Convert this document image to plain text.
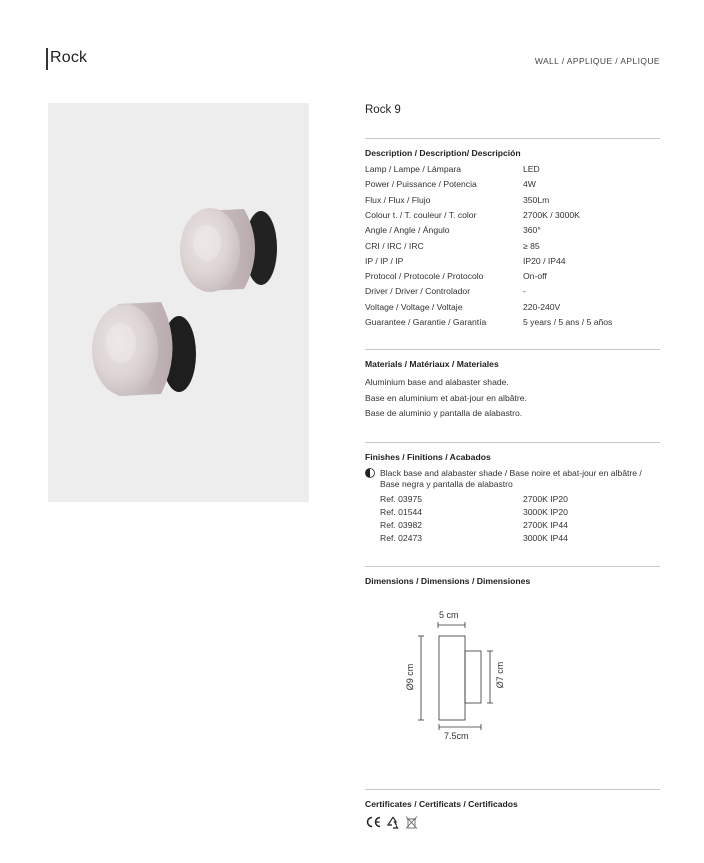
Rock	WALL / APPLIQUE / APLIQUE
Rock 9
Description / Description/ Descripción
Lamp / Lampe / Lámpara	LED
Power / Puissance / Potencia	4W
Flux / Flux / Flujo	350Lm
Colour t. / T. couleur / T. color	2700K / 3000K
Angle / Angle / Ángulo	360°
CRI / IRC / IRC	≥ 85
IP / IP / IP	IP20 / IP44
Protocol / Protocole / Protocolo	On-off
Driver / Driver / Controlador	-
Voltage / Voltage / Voltaje	220-240V
Guarantee / Garantie / Garantía	5 years / 5 ans / 5 años
Materials / Matériaux / Materiales
Aluminium base and alabaster shade.
Base en aluminium et abat-jour en albâtre.
Base de aluminio y pantalla de alabastro.
Finishes / Finitions / Acabados
Black base and alabaster shade / Base noire et abat-jour en albâtre / Base negra y pantalla de alabastro
Ref. 03975	2700K IP20
Ref. 01544	3000K IP20
Ref. 03982	2700K IP44
Ref. 02473	3000K IP44
Dimensions / Dimensions / Dimensiones
5 cm
7.5cm
Ø9 cm	Ø7 cm
Certificates / Certificats / Certificados
